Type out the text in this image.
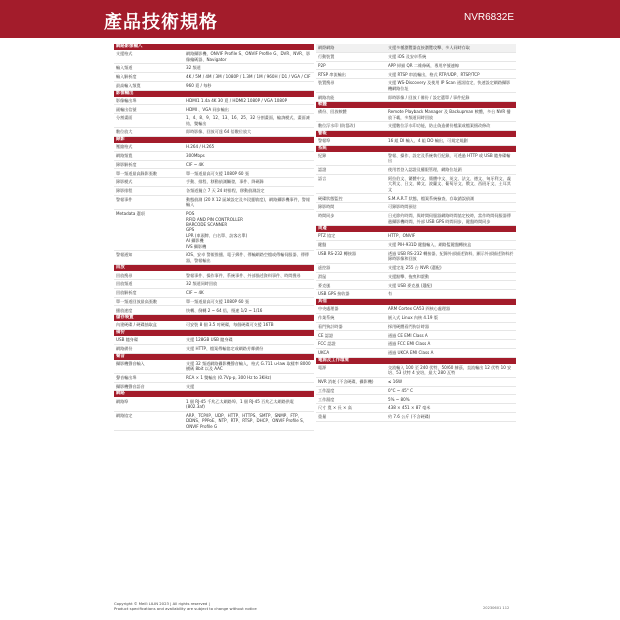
產品技術規格	NVR6832E
網路影像輸入
支援格式	網路攝影機、ONVIF Profile S、ONVIF Profile G、DVR、NVR、影像編碼器、Navigator
輸入頻道	32 頻道
輸入解析度	4K / 5M / 4M / 3M / 1080P / 1.3M / 1M / 960H / D1 / VGA / CIF
最高輸入頻寬	960 覓 / 每秒
影像輸出
影像輸出埠	HDMI1 1.4a 4K 30 覓 / HDMI2 1080P / VGA 1080P
副輸出信號	HDMI 、VGA 同步輸出
分割畫面	1、4、8、9、12、13、16、25、32 分割畫面，輪詢模式，畫面凍結，雙輸出
數位放大	即時影像、回放可達 64 倍數位放大
錄影
壓縮格式	H.264 / H.265
網路頻寬	300Mbps
錄影解析度	CIF ~ 4K
單一頻道最高錄影張數	單一頻道最高可支援 1080P 60 張
錄影模式	手動、排程、移動偵測觸發，事件、降碼錄
錄影排程	各頻道獨立 7 天 24 時排程，移動偵測設定
警報事件	動態偵測 (20 X 12 區域設定及多段靈敏度)，網路攝影機事件，警報輸入
Metadata 選項	POS
RFID AND PIN CONTROLLER
BARCODE SCANNER
GPS
LPR (車頭牌、白名單、訪客名單)
AI 攝影機
IVS 攝影機
警報通知	iOS、安卓 警報推播、電子郵件、傳輸網路空檔或傳輸伺服器、傳傳器，警報輸出
回放
回放搜尋	警報事件、操作事件、系統事件、外部描述資料事件、時間搜尋
回放頻道	32 頻道同時回放
回放解析度	CIF ~ 4K
單一頻道回放最高張數	單一頻道最高可支援 1080P 60 張
播放速度	快轉、倒轉 2 ~ 64 倍，慢速 1/2 ~ 1/16
儲存裝置
內建硬碟 / 硬碟抽取盒	可安裝 8 個 3.5 吋硬碟，每個硬碟可支援 16TB
備份
USB 隨身碟	支援 128GB USB 隨身碟
網路備份	支援 HTTP、檔案傳輸協定或網路芳鄰備份
聲音
攝影機聲音輸入	支援 32 頻道網路攝影機聲音輸入，格式 G.711 u-law 取樣率 8000 橫碼 8bit 以及 AAC
聲音輸出埠	RCA × 1 雙輸出 (0.7Vp-p, 300 Hz to 3KHz)
攝影機聲音語音	支援
網路
網路埠	1 個 RJ-45 千兆乙太網路埠、1 個 RJ-45 百兆乙太網路供電 (802.3af)
網路協定	ARP、TCP/IP、UDP、HTTP、HTTPS、SMTP、SNMP、FTP、DDNS、PPPoE、NTP、RTP、RTSP、DHCP、ONVIF Profile S、ONVIF Profile G
網際網路	支援多種瀏覽器直接瀏覽攻擊、多人同時存取
行動裝置	支援 iOS 及安卓系統
P2P	APP 掃描 QR 二維條碼，專用序號連線
RTSP 串流輸出	支援 RTSP 串流輸出，格式 RTP/UDP、RTSP/TCP
裝置搜尋	支援 WS-Discovery 及使用 IP Scan 通訊協定，快速設定網路攝影機網路位址
網路功能	即時影像 / 回放 / 備份 / 設定選單 / 事件紀錄
軟體
備份、回放軟體	Remote Playback Manager 及 Backupman 軟體，多台 NVR 播放下載，多頻道同時回放
數位浮水印 (防篡改)	支援數位浮水印功能，防止偽造備份檔案或檔案擅改修改
警報
警報埠	16 組 DI 輸入、4 組 DO 輸出，可規定規劃
系統
紀錄	警報、操作、設定及系統執行紀錄，可透過 HTTP 或 USB 隨身碟輸出
認證	使用者登入認證及權限管理，網路位址鎖
語言	阿拉伯文、繁體中文、簡體中文、英文、法文、德文、匈牙利文、義大利文、日文、韓文、波蘭文、葡萄牙文、俄文、西班牙文、土耳其文
硬碟狀態監控	S.M.A.R.T 狀態，檔案系統檢查，存取錯誤偵測
錄影時間	可錄影時間預估
時間同步	日光節約時間，與時間伺服器網路時間協定校時，當作時間伺服器傳遞攝影機時間，外部 USB GPS 時間同步，鍵盤時間同步
周邊
PTZ 協定	HTTP、ONVIF
鍵盤	支援 PIH-931D 鍵盤輸入，網路監鍵盤轉接盒
USB RS-232 轉接器	透過 USB RS-232 轉接器，紀錄外部描述資料，顯示外部描述資料於錄時影像和回放
遙控器	支援定址 255 台 NVR (選配)
滑鼠	支援點擊、拖曳和滾動
麥克風	支援 USB 麥克風 (選配)
USB GPS 接收器	有
其他
中央處理器	ARM Cortex CA53 四核心處理器
作業系統	嵌入式 Linux 內核 4.19 版
看門狗計時器	採用硬體看門狗計時器
CE 認證	通過 CE EMI Class A
FCC 認證	通過 FCC EMI Class A
UKCA	通過 UKCA EMI Class A
電源及工作環境
電源	交流輸入 100 至 240 伏特，50/60 赫茲，直流輸出 12 伏特 10 安培、53 伏特 4 安培，最大 280 瓦特
NVR 消耗 (不含硬碟、攝影機)	≤ 16W
工作溫度	0°C ~ 45° C
工作濕度	5% ~ 80%
尺寸 寬 × 長 × 高	438 × 451 × 87 毫米
重量	約 7.6 公斤 (不含硬碟)
Copyright © Meilì LILIN 2023 | All rights reserved |
Product specifications and availability are subject to change without notice	20230601 112
